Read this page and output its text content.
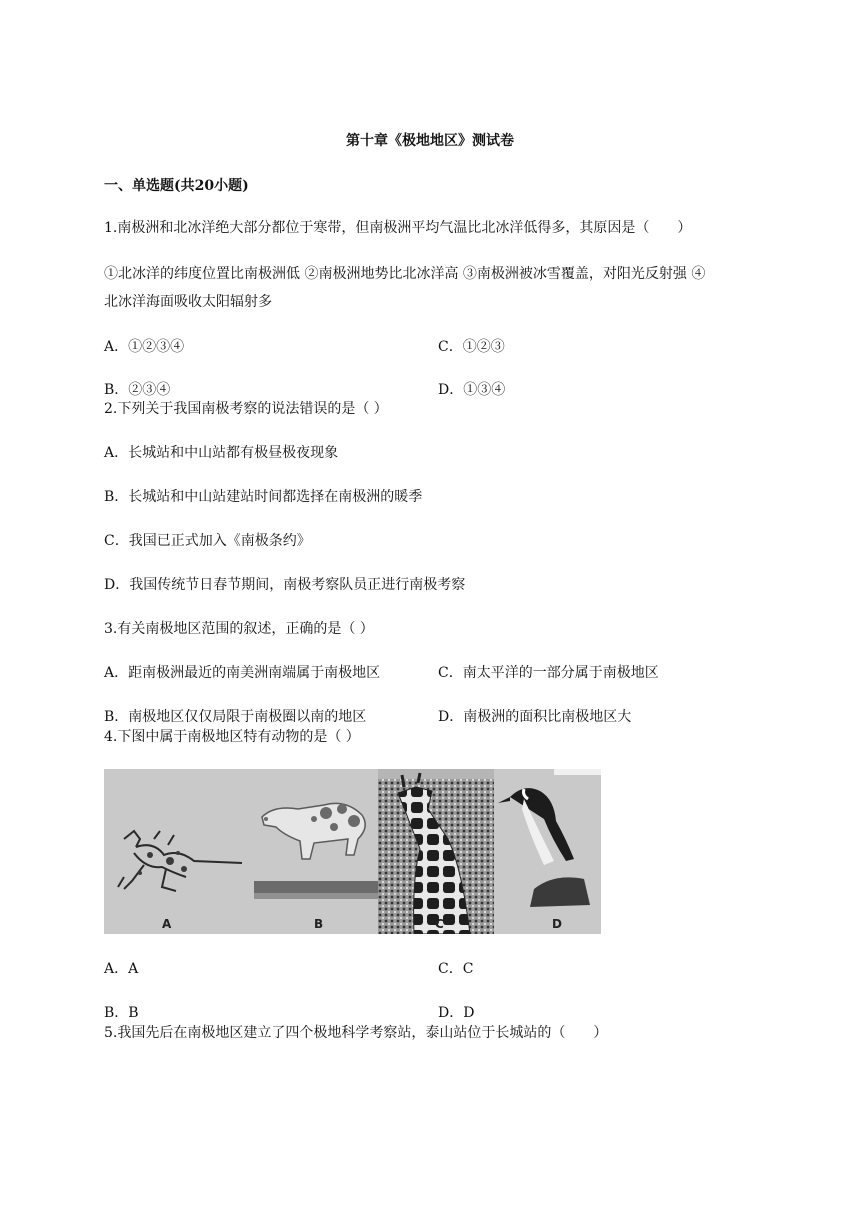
第十章《极地地区》测试卷
一、单选题(共20小题)
1.南极洲和北冰洋绝大部分都位于寒带，但南极洲平均气温比北冰洋低得多，其原因是（　　）
①北冰洋的纬度位置比南极洲低 ②南极洲地势比北冰洋高 ③南极洲被冰雪覆盖，对阳光反射强 ④
北冰洋海面吸收太阳辐射多
A．①②③④	C．①②③
B．②③④	D．①③④
2.下列关于我国南极考察的说法错误的是（ ）
A．长城站和中山站都有极昼极夜现象
B．长城站和中山站建站时间都选择在南极洲的暖季
C．我国已正式加入《南极条约》
D．我国传统节日春节期间，南极考察队员正进行南极考察
3.有关南极地区范围的叙述，正确的是（ ）
A．距南极洲最近的南美洲南端属于南极地区	C．南太平洋的一部分属于南极地区
B．南极地区仅仅局限于南极圈以南的地区	D．南极洲的面积比南极地区大
4.下图中属于南极地区特有动物的是（ ）
A	B	C	D
A．A	C．C
B．B	D．D
5.我国先后在南极地区建立了四个极地科学考察站，泰山站位于长城站的（　　）
